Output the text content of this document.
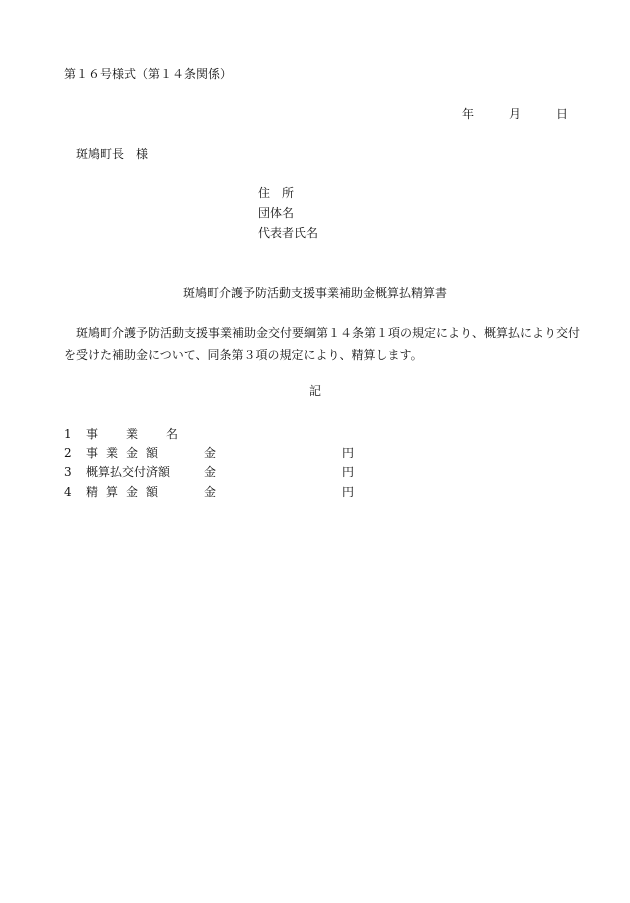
第１６号様式（第１４条関係）
年	月	日
斑鳩町長　様
住　所
団体名
代表者氏名
斑鳩町介護予防活動支援事業補助金概算払精算書
斑鳩町介護予防活動支援事業補助金交付要綱第１４条第１項の規定により、概算払により交付を受けた補助金について、同条第３項の規定により、精算します。
記
1 事 業 名
2 事 業 金 額	金	円
3 概 算 払 交 付 済 額	金	円
4 精 算 金 額	金	円
